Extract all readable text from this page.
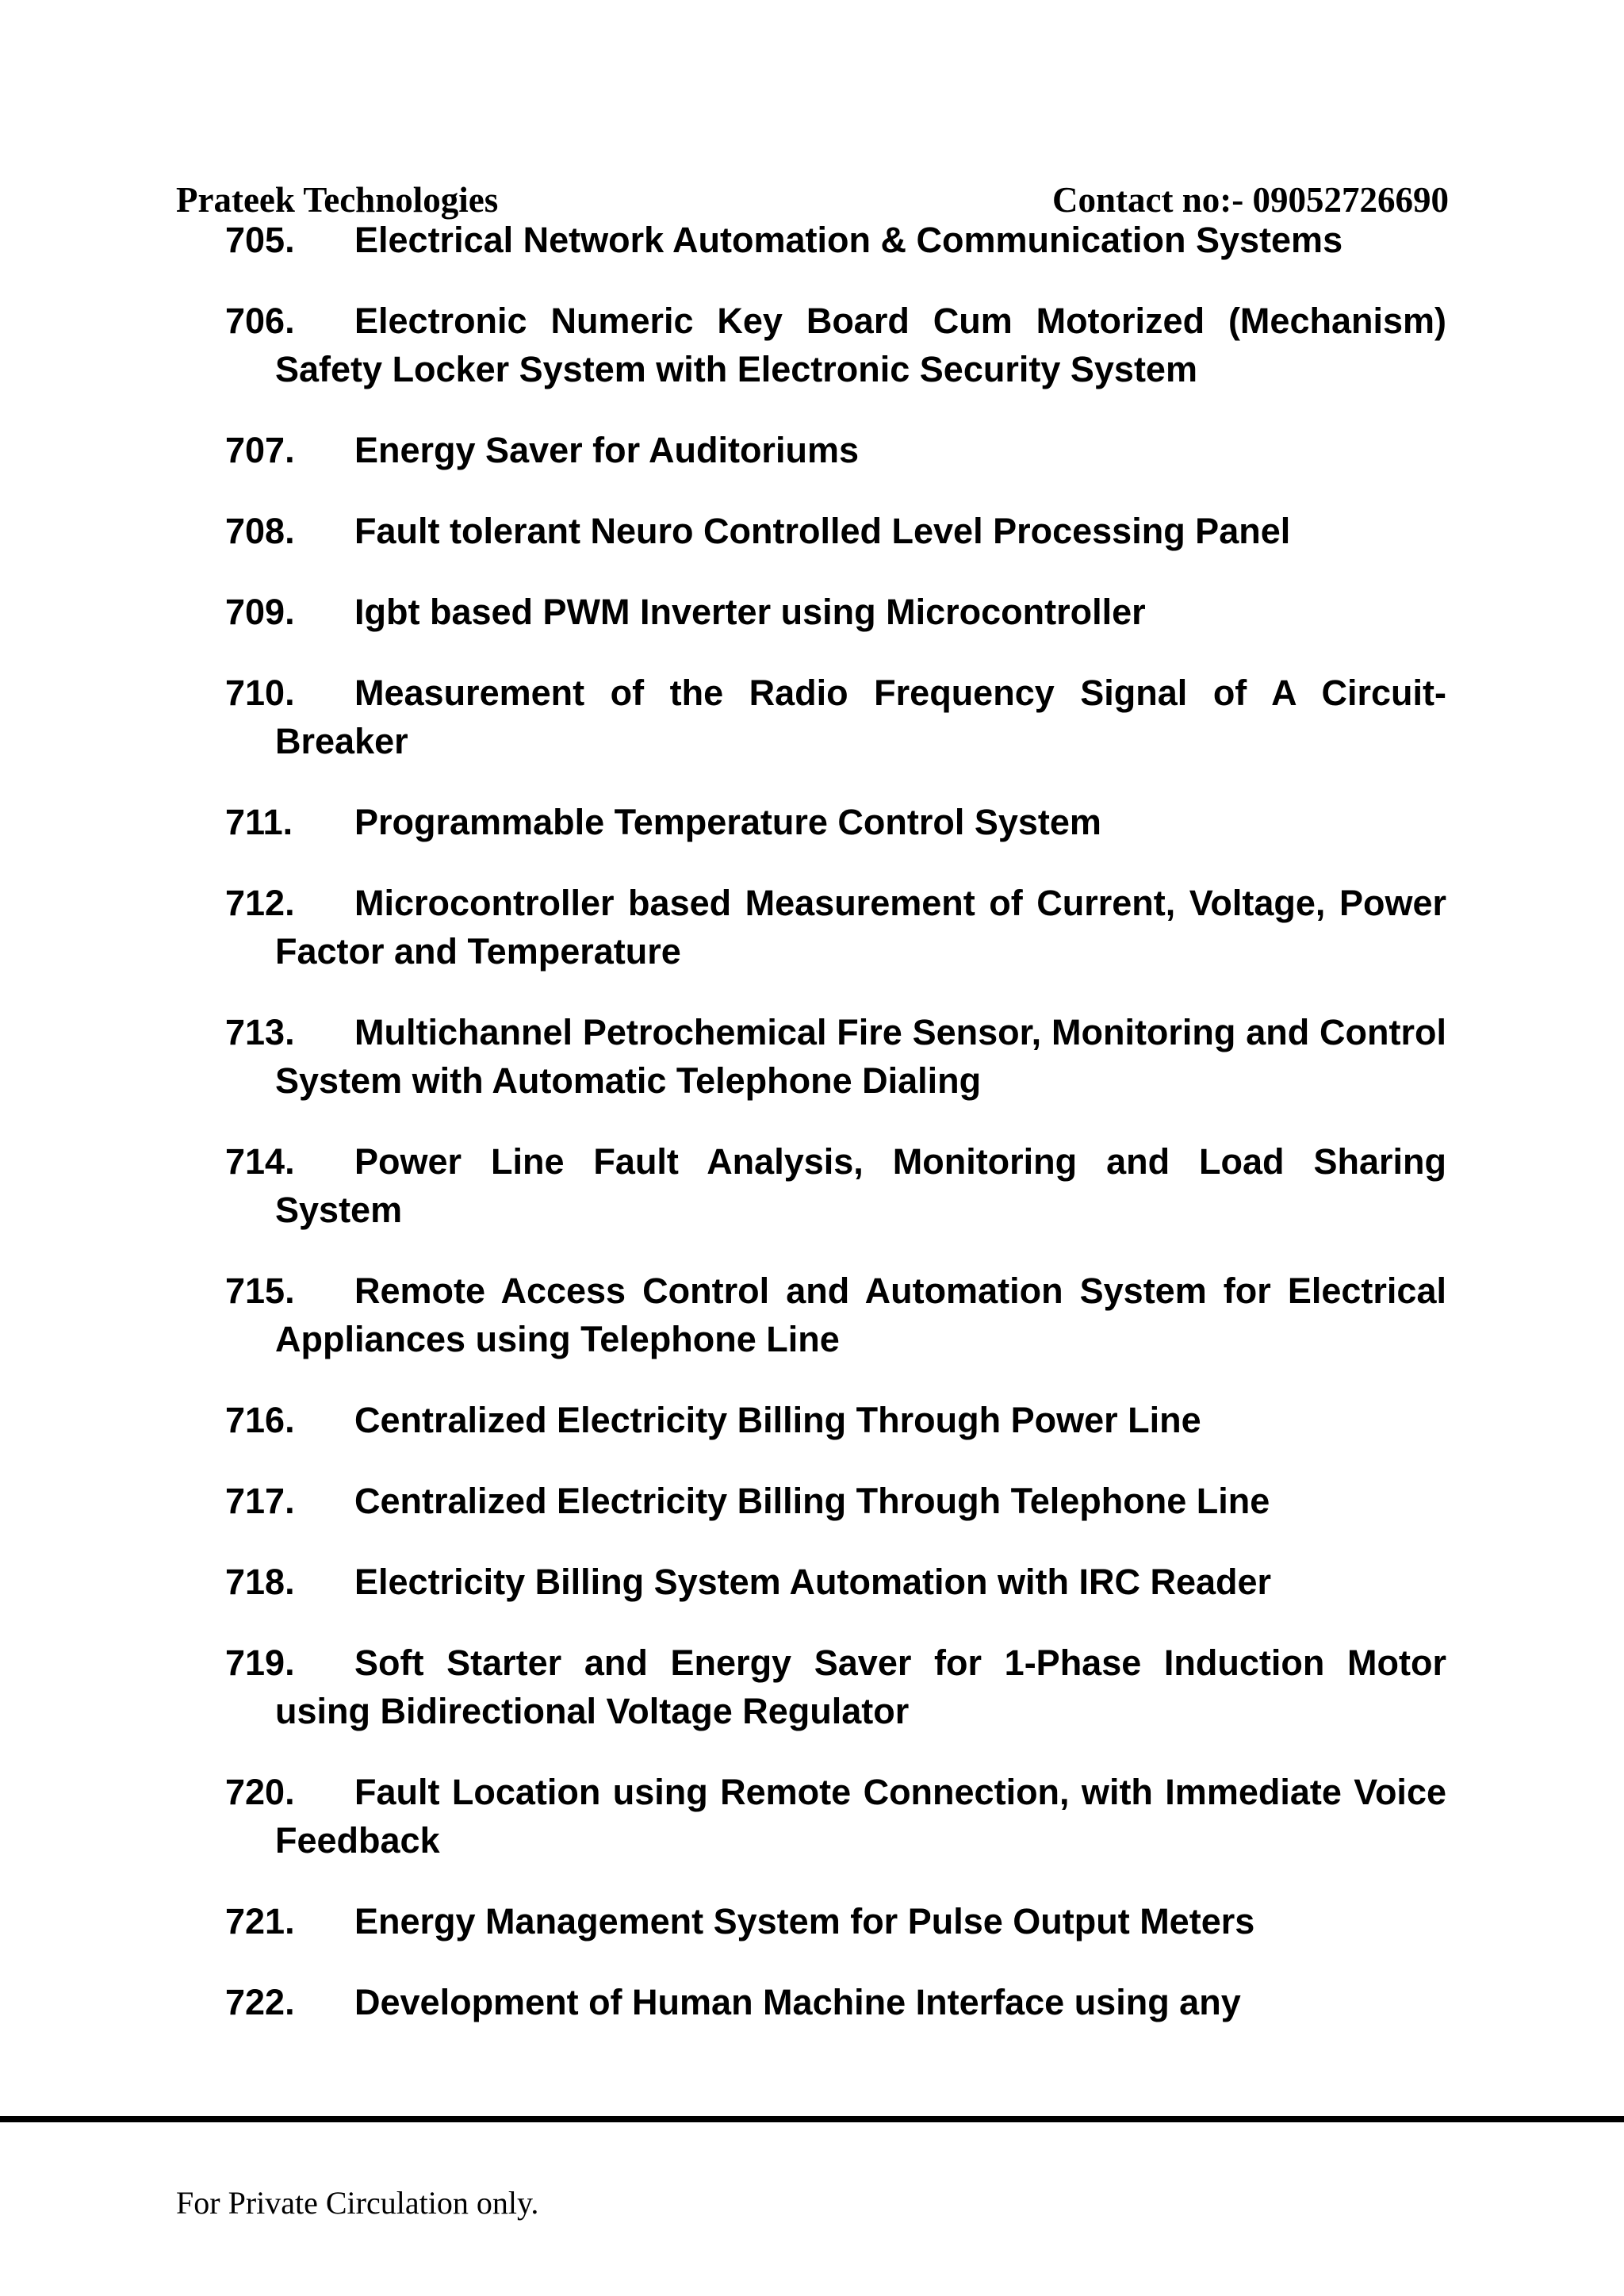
Prateek Technologies	Contact no:- 09052726690
705.	Electrical Network Automation & Communication Systems
706.	Electronic Numeric Key Board Cum Motorized (Mechanism) Safety Locker System with Electronic Security System
707.	Energy Saver for Auditoriums
708.	Fault tolerant Neuro Controlled Level Processing Panel
709.	Igbt based PWM Inverter using Microcontroller
710.	Measurement of the Radio Frequency Signal of A Circuit-Breaker
711.	Programmable Temperature Control System
712.	Microcontroller based Measurement of Current, Voltage, Power Factor and Temperature
713.	Multichannel Petrochemical Fire Sensor, Monitoring and Control System with Automatic Telephone Dialing
714.	Power Line Fault Analysis, Monitoring and Load Sharing System
715.	Remote Access Control and Automation System for Electrical Appliances using Telephone Line
716.	Centralized Electricity Billing Through Power Line
717.	Centralized Electricity Billing Through Telephone Line
718.	Electricity Billing System Automation with IRC Reader
719.	Soft Starter and Energy Saver for 1-Phase Induction Motor using Bidirectional Voltage Regulator
720.	Fault Location using Remote Connection, with Immediate Voice Feedback
721.	Energy Management System for Pulse Output Meters
722.	Development of Human Machine Interface using any
For Private Circulation only.
